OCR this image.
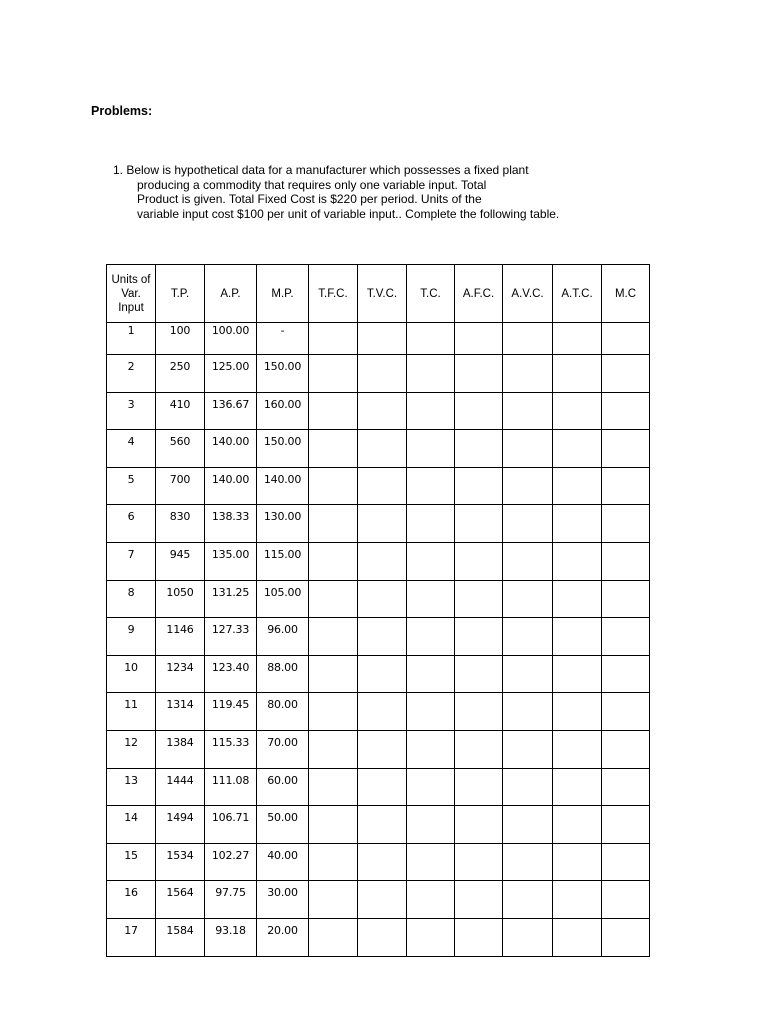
Problems:
1. Below is hypothetical data for a manufacturer which possesses a fixed plant
producing a commodity that requires only one variable input. Total
Product is given. Total Fixed Cost is $220 per period. Units of the
variable input cost $100 per unit of variable input.. Complete the following table.
Units of Var. Input	T.P.	A.P.	M.P.	T.F.C.	T.V.C.	T.C.	A.F.C.	A.V.C.	A.T.C.	M.C
1	100	100.00	-							
2	250	125.00	150.00							
3	410	136.67	160.00							
4	560	140.00	150.00							
5	700	140.00	140.00							
6	830	138.33	130.00							
7	945	135.00	115.00							
8	1050	131.25	105.00							
9	1146	127.33	96.00							
10	1234	123.40	88.00							
11	1314	119.45	80.00							
12	1384	115.33	70.00							
13	1444	111.08	60.00							
14	1494	106.71	50.00							
15	1534	102.27	40.00							
16	1564	97.75	30.00							
17	1584	93.18	20.00							
